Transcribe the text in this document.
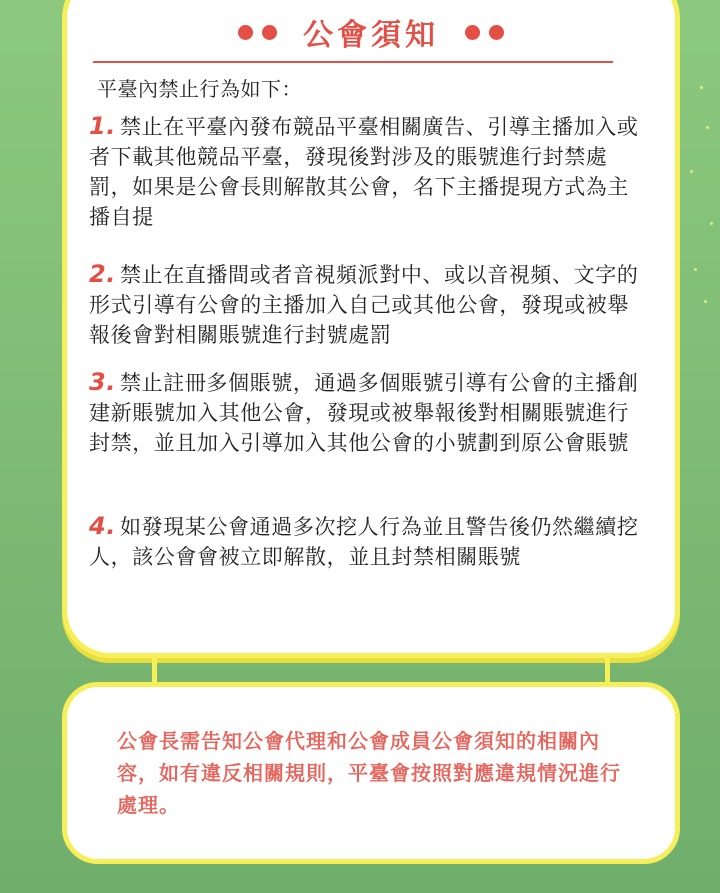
公會須知
平臺內禁止行為如下：
1. 禁止在平臺內發布競品平臺相關廣告、引導主播加入或者下載其他競品平臺，發現後對涉及的賬號進行封禁處罰，如果是公會長則解散其公會，名下主播提現方式為主播自提
2. 禁止在直播間或者音視頻派對中、或以音視頻、文字的形式引導有公會的主播加入自己或其他公會，發現或被舉報後會對相關賬號進行封號處罰
3. 禁止註冊多個賬號，通過多個賬號引導有公會的主播創建新賬號加入其他公會，發現或被舉報後對相關賬號進行封禁，並且加入引導加入其他公會的小號劃到原公會賬號
4. 如發現某公會通過多次挖人行為並且警告後仍然繼續挖人，該公會會被立即解散，並且封禁相關賬號
公會長需告知公會代理和公會成員公會須知的相關內容，如有違反相關規則，平臺會按照對應違規情況進行處理。
